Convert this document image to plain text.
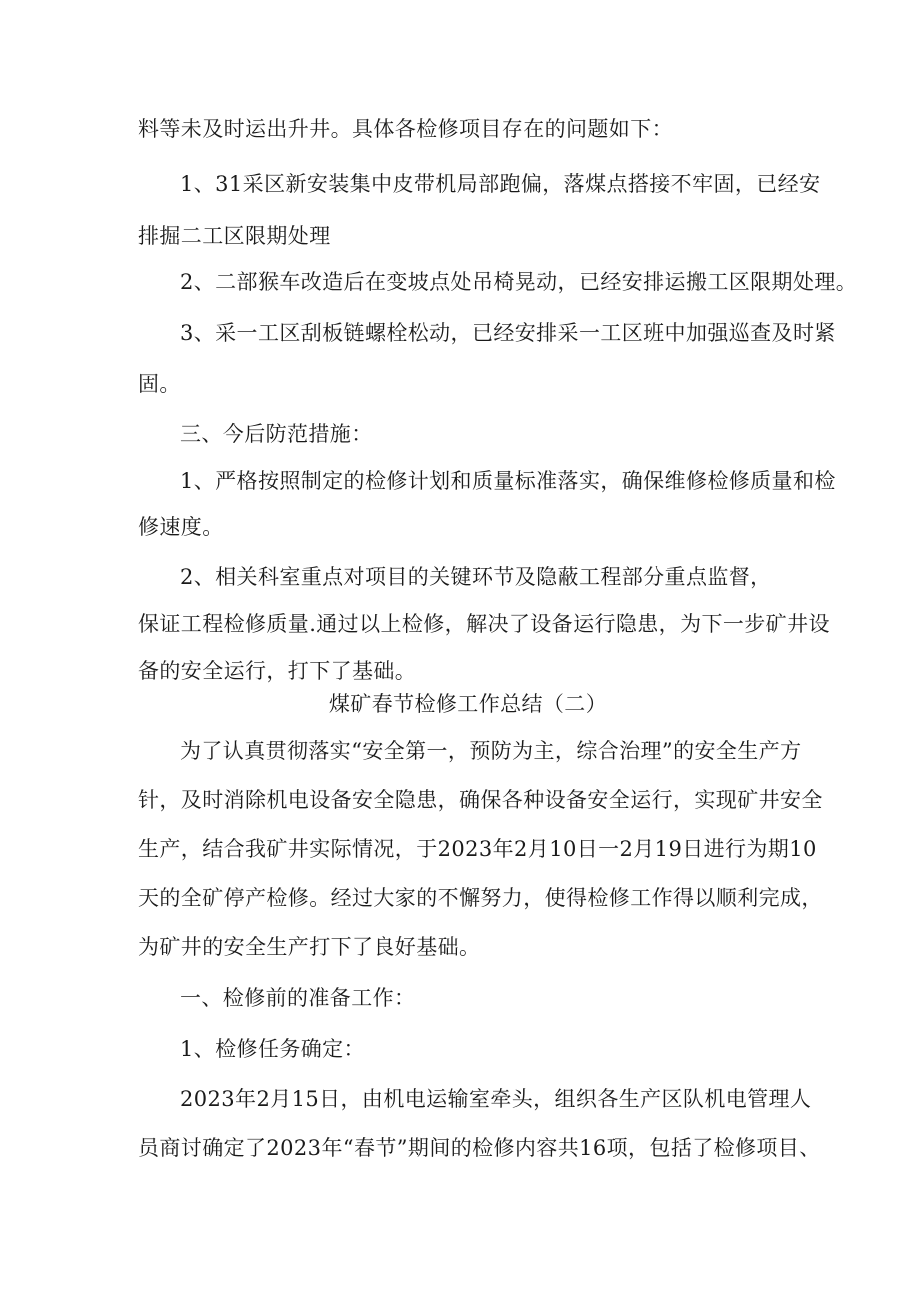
料等未及时运出升井。具体各检修项目存在的问题如下：
1、31采区新安装集中皮带机局部跑偏，落煤点搭接不牢固，已经安
排掘二工区限期处理
2、二部猴车改造后在变坡点处吊椅晃动，已经安排运搬工区限期处理。
3、采一工区刮板链螺栓松动，已经安排采一工区班中加强巡查及时紧
固。
三、今后防范措施：
1、严格按照制定的检修计划和质量标准落实，确保维修检修质量和检
修速度。
2、相关科室重点对项目的关键环节及隐蔽工程部分重点监督，
保证工程检修质量.通过以上检修，解决了设备运行隐患，为下一步矿井设
备的安全运行，打下了基础。
煤矿春节检修工作总结（二）
为了认真贯彻落实“安全第一，预防为主，综合治理”的安全生产方
针，及时消除机电设备安全隐患，确保各种设备安全运行，实现矿井安全
生产，结合我矿井实际情况，于2023年2月10日一2月19日进行为期10
天的全矿停产检修。经过大家的不懈努力，使得检修工作得以顺利完成，
为矿井的安全生产打下了良好基础。
一、检修前的准备工作：
1、检修任务确定：
2023年2月15日，由机电运输室牵头，组织各生产区队机电管理人
员商讨确定了2023年“春节”期间的检修内容共16项，包括了检修项目、
